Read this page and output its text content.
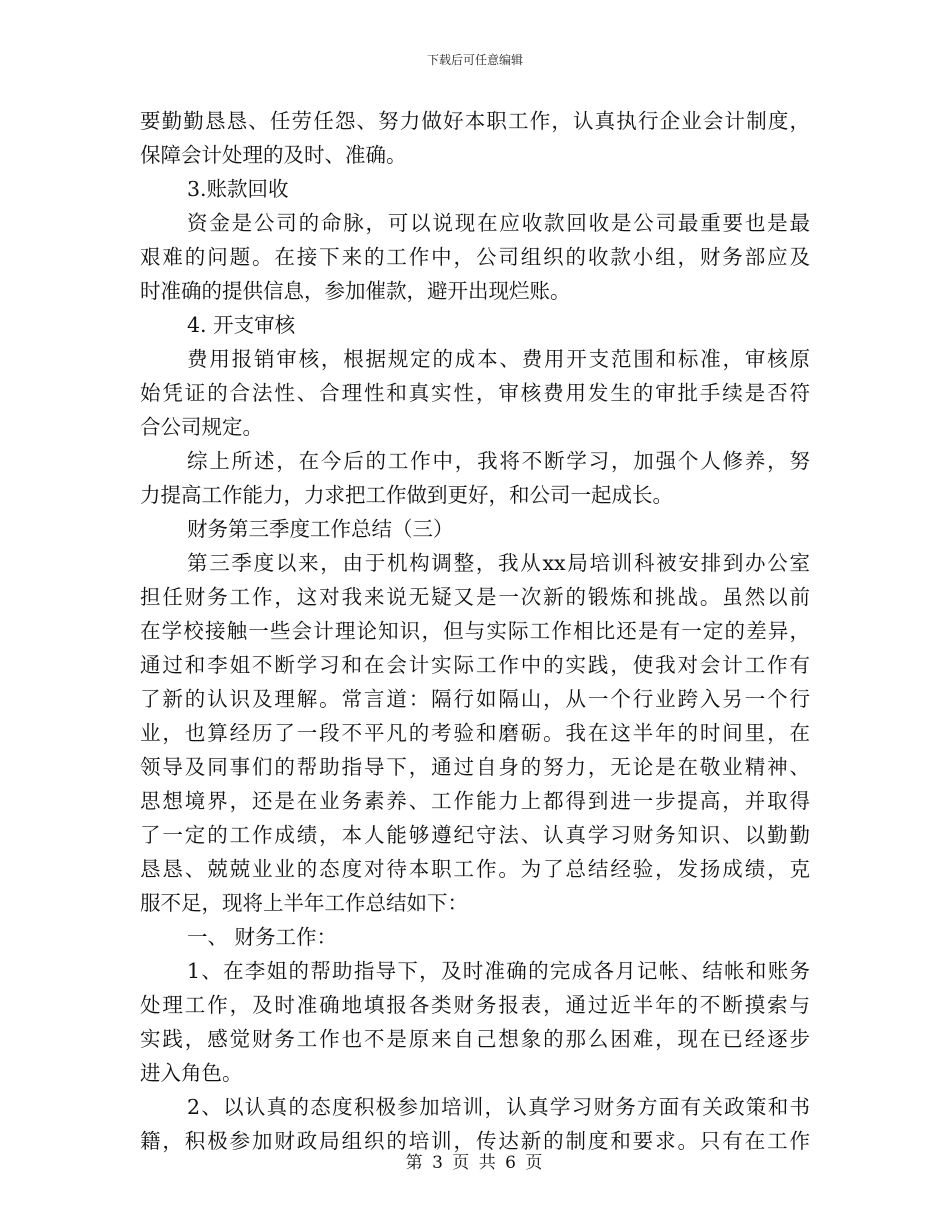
下载后可任意编辑
要勤勤恳恳、任劳任怨、努力做好本职工作，认真执行企业会计制度，
保障会计处理的及时、准确。
3.账款回收
资金是公司的命脉，可以说现在应收款回收是公司最重要也是最
艰难的问题。在接下来的工作中，公司组织的收款小组，财务部应及
时准确的提供信息，参加催款，避开出现烂账。
4. 开支审核
费用报销审核，根据规定的成本、费用开支范围和标准，审核原
始凭证的合法性、合理性和真实性，审核费用发生的审批手续是否符
合公司规定。
综上所述，在今后的工作中，我将不断学习，加强个人修养，努
力提高工作能力，力求把工作做到更好，和公司一起成长。
财务第三季度工作总结（三）
第三季度以来，由于机构调整，我从xx局培训科被安排到办公室
担任财务工作，这对我来说无疑又是一次新的锻炼和挑战。虽然以前
在学校接触一些会计理论知识，但与实际工作相比还是有一定的差异，
通过和李姐不断学习和在会计实际工作中的实践，使我对会计工作有
了新的认识及理解。常言道：隔行如隔山，从一个行业跨入另一个行
业，也算经历了一段不平凡的考验和磨砺。我在这半年的时间里，在
领导及同事们的帮助指导下，通过自身的努力，无论是在敬业精神、
思想境界，还是在业务素养、工作能力上都得到进一步提高，并取得
了一定的工作成绩，本人能够遵纪守法、认真学习财务知识、以勤勤
恳恳、兢兢业业的态度对待本职工作。为了总结经验，发扬成绩，克
服不足，现将上半年工作总结如下：
一、 财务工作：
1、在李姐的帮助指导下，及时准确的完成各月记帐、结帐和账务
处理工作，及时准确地填报各类财务报表，通过近半年的不断摸索与
实践，感觉财务工作也不是原来自己想象的那么困难，现在已经逐步
进入角色。
2、以认真的态度积极参加培训，认真学习财务方面有关政策和书
籍，积极参加财政局组织的培训，传达新的制度和要求。只有在工作
第 3 页 共 6 页
